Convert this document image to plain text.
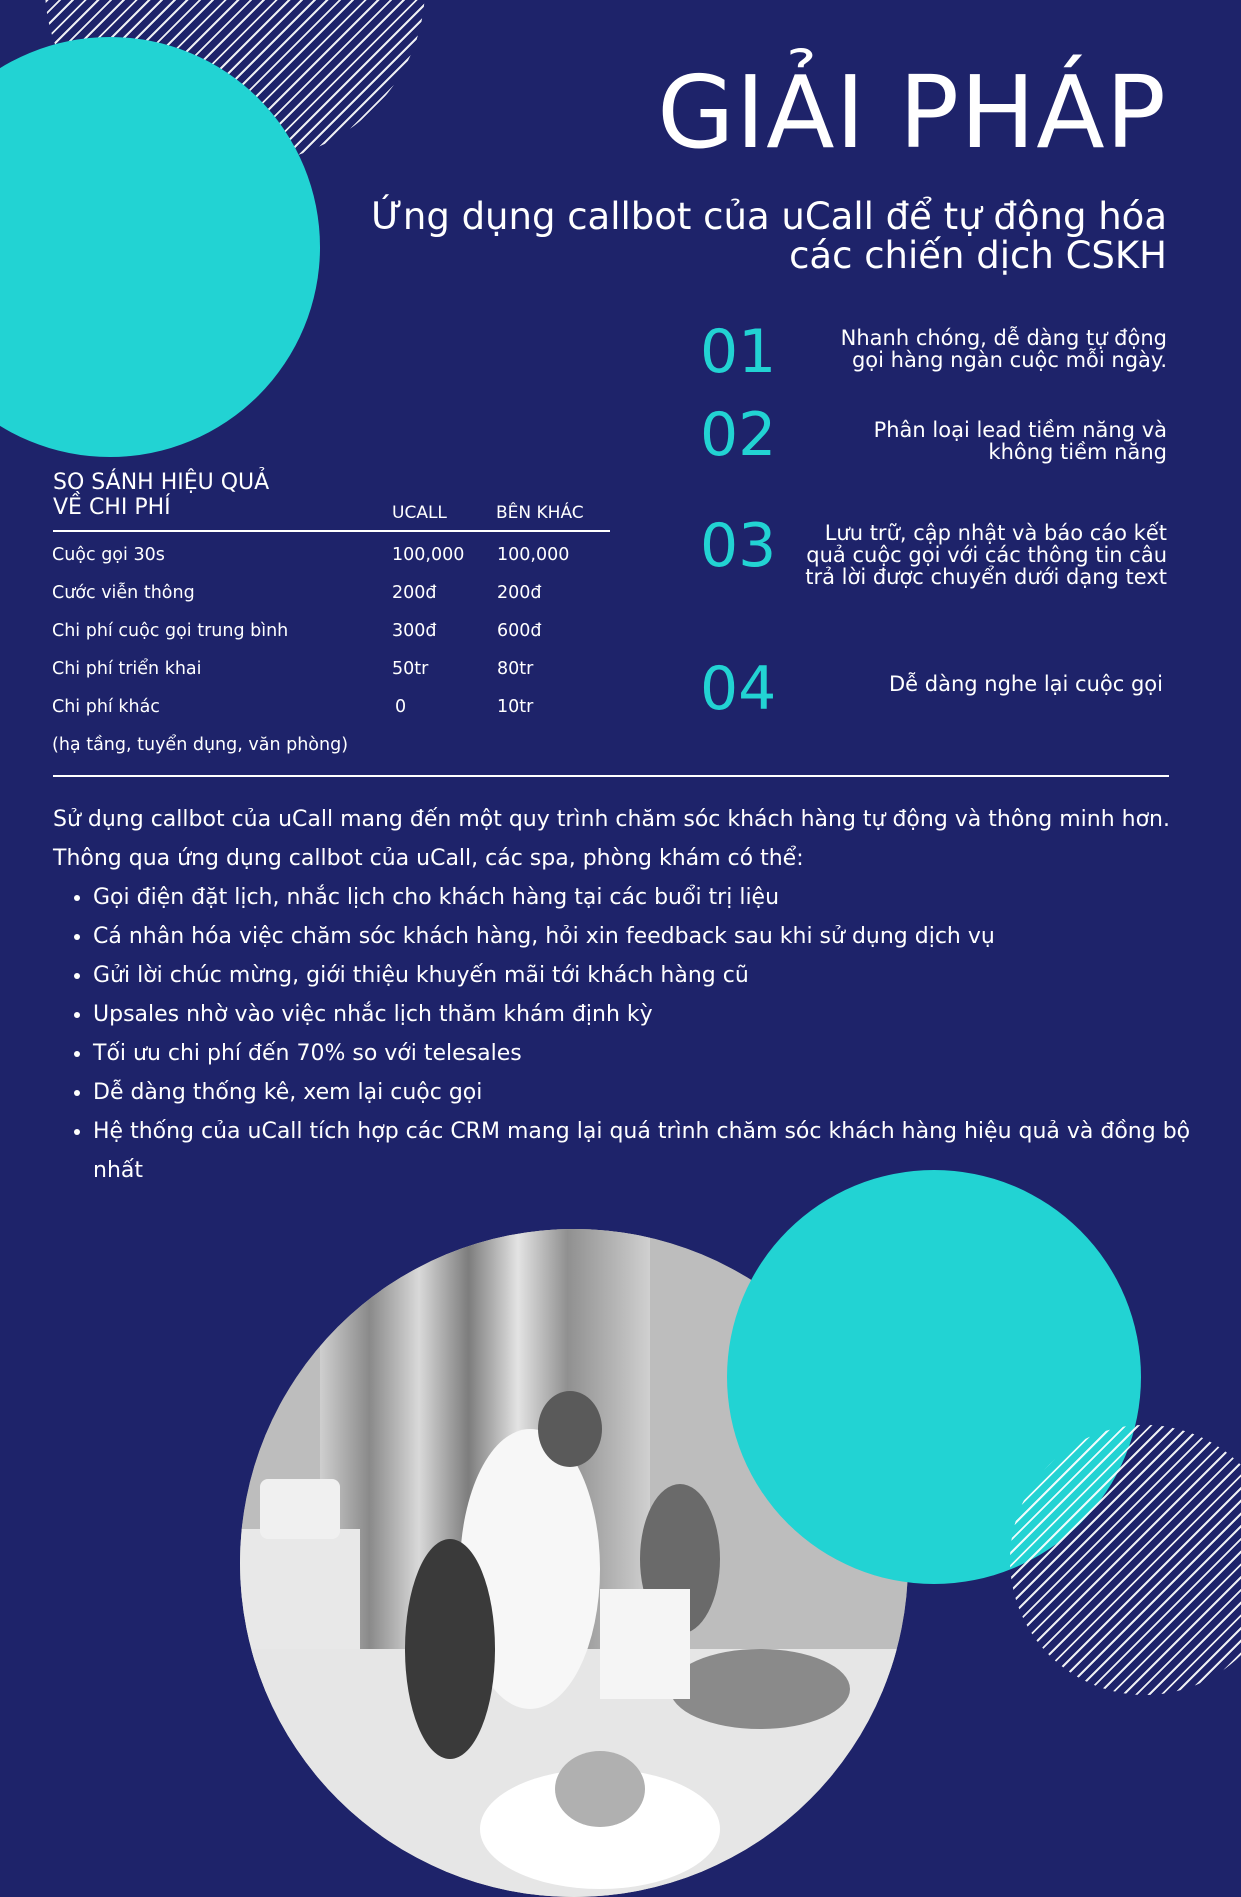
GIẢI PHÁP
Ứng dụng callbot của uCall để tự động hóa các chiến dịch CSKH
01	Nhanh chóng, dễ dàng tự động gọi hàng ngàn cuộc mỗi ngày.
02	Phân loại lead tiềm năng và không tiềm năng
03	Lưu trữ, cập nhật và báo cáo kết quả cuộc gọi với các thông tin câu trả lời được chuyển dưới dạng text
04	Dễ dàng nghe lại cuộc gọi
SO SÁNH HIỆU QUẢ
VỀ CHI PHÍ	UCALL	BÊN KHÁC
Cuộc gọi 30s	100,000 100,000
Cước viễn thông	200đ	200đ
Chi phí cuộc gọi trung bình	300đ	600đ
Chi phí triển khai	50tr	80tr
Chi phí khác	0	10tr
(hạ tầng, tuyển dụng, văn phòng)
Sử dụng callbot của uCall mang đến một quy trình chăm sóc khách hàng tự động và thông minh hơn. Thông qua ứng dụng callbot của uCall, các spa, phòng khám có thể:
• Gọi điện đặt lịch, nhắc lịch cho khách hàng tại các buổi trị liệu
• Cá nhân hóa việc chăm sóc khách hàng, hỏi xin feedback sau khi sử dụng dịch vụ
• Gửi lời chúc mừng, giới thiệu khuyến mãi tới khách hàng cũ
• Upsales nhờ vào việc nhắc lịch thăm khám định kỳ
• Tối ưu chi phí đến 70% so với telesales
• Dễ dàng thống kê, xem lại cuộc gọi
• Hệ thống của uCall tích hợp các CRM mang lại quá trình chăm sóc khách hàng hiệu quả và đồng bộ nhất
